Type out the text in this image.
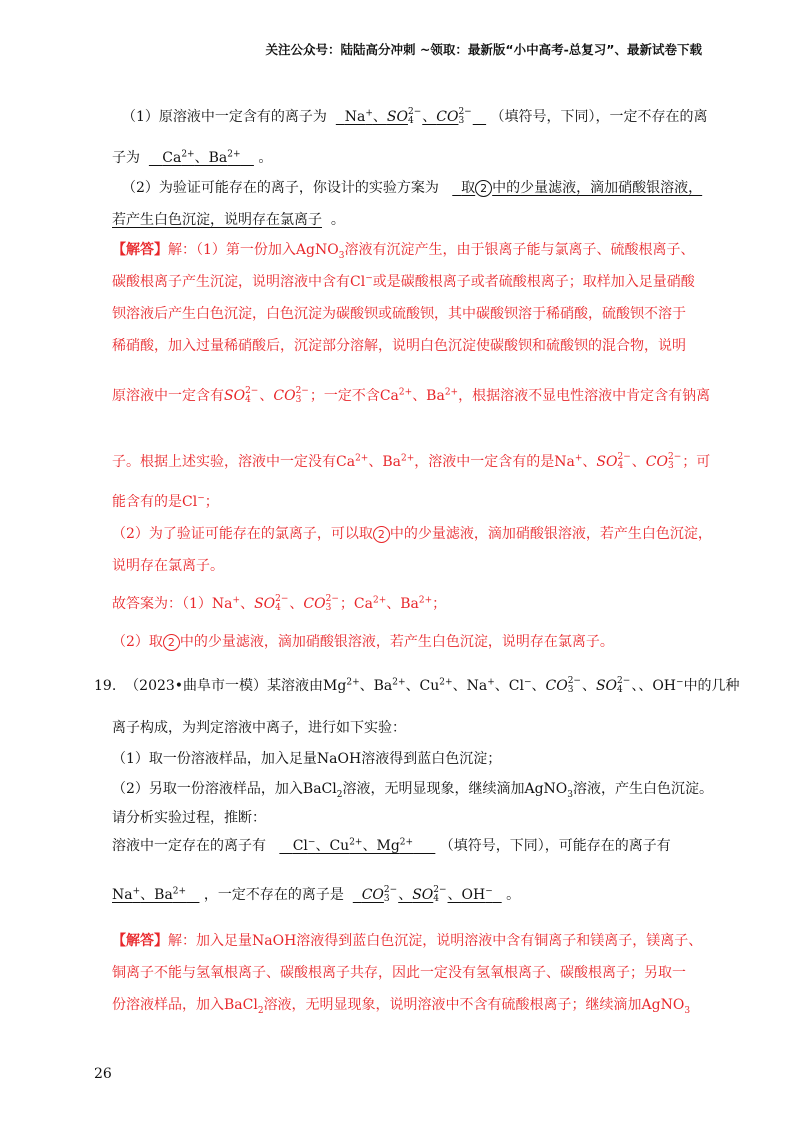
关注公众号：陆陆高分冲刺 ~领取：最新版“小中高考-总复习”、最新试卷下载
（1）原溶液中一定含有的离子为 Na+、SO 2−
4 、CO 2−
3	（填符号，下同），一定不存在的离
子为 $Ca^{2+}$、$Ba^{2+}$ 。
（2）为验证可能存在的离子，你设计的实验方案为 取 2 中的少量滤液，滴加硝酸银溶液，
若产生白色沉淀，说明存在氯离子 。
【解答】解：（1）第一份加入AgNO$_3$溶液有沉淀产生，由于银离子能与氯离子、硫酸根离子、
碳酸根离子产生沉淀，说明溶液中含有Cl−或是碳酸根离子或者硫酸根离子；取样加入足量硝酸
钡溶液后产生白色沉淀，白色沉淀为碳酸钡或硫酸钡，其中碳酸钡溶于稀硝酸，硫酸钡不溶于
稀硝酸，加入过量稀硝酸后，沉淀部分溶解，说明白色沉淀使碳酸钡和硫酸钡的混合物，说明
原溶液中一定含有SO 2−
4 、CO 2−
3 ；一定不含$Ca^{2+}$、$Ba^{2+}$，根据溶液不显电性溶液中肯定含有钠离
子。根据上述实验，溶液中一定没有$Ca^{2+}$、$Ba^{2+}$，溶液中一定含有的是Na+、SO 2−
4 、CO 2−
3 ；可
能含有的是Cl−；
（2）为了验证可能存在的氯离子，可以取 2 中的少量滤液，滴加硝酸银溶液，若产生白色沉淀，
说明存在氯离子。
故答案为：（1）Na+、SO 2−
4 、CO 2−
3 ；$Ca^{2+}$、$Ba^{2+}$；
（2）取 2 中的少量滤液，滴加硝酸银溶液，若产生白色沉淀，说明存在氯离子。
19. （2023•曲阜市一模）某溶液由$Mg^{2+}$、$Ba^{2+}$、$Cu^{2+}$、Na+、Cl−、CO 2−
3 、SO 2−
4 、、OH−中的几种
离子构成，为判定溶液中离子，进行如下实验：
（1）取一份溶液样品，加入足量NaOH溶液得到蓝白色沉淀；
（2）另取一份溶液样品，加入BaCl$_2$溶液，无明显现象，继续滴加AgNO$_3$溶液，产生白色沉淀。
请分析实验过程，推断：
溶液中一定存在的离子有 Cl−、$Cu^{2+}$、$Mg^{2+}$ （填符号，下同），可能存在的离子有
Na+、$Ba^{2+}$ ，一定不存在的离子是 CO 2−
3 、SO 2−
4 、OH− 。
【解答】解：加入足量NaOH溶液得到蓝白色沉淀，说明溶液中含有铜离子和镁离子，镁离子、
铜离子不能与氢氧根离子、碳酸根离子共存，因此一定没有氢氧根离子、碳酸根离子；另取一
份溶液样品，加入BaCl$_2$溶液，无明显现象，说明溶液中不含有硫酸根离子；继续滴加AgNO$_3$
26
